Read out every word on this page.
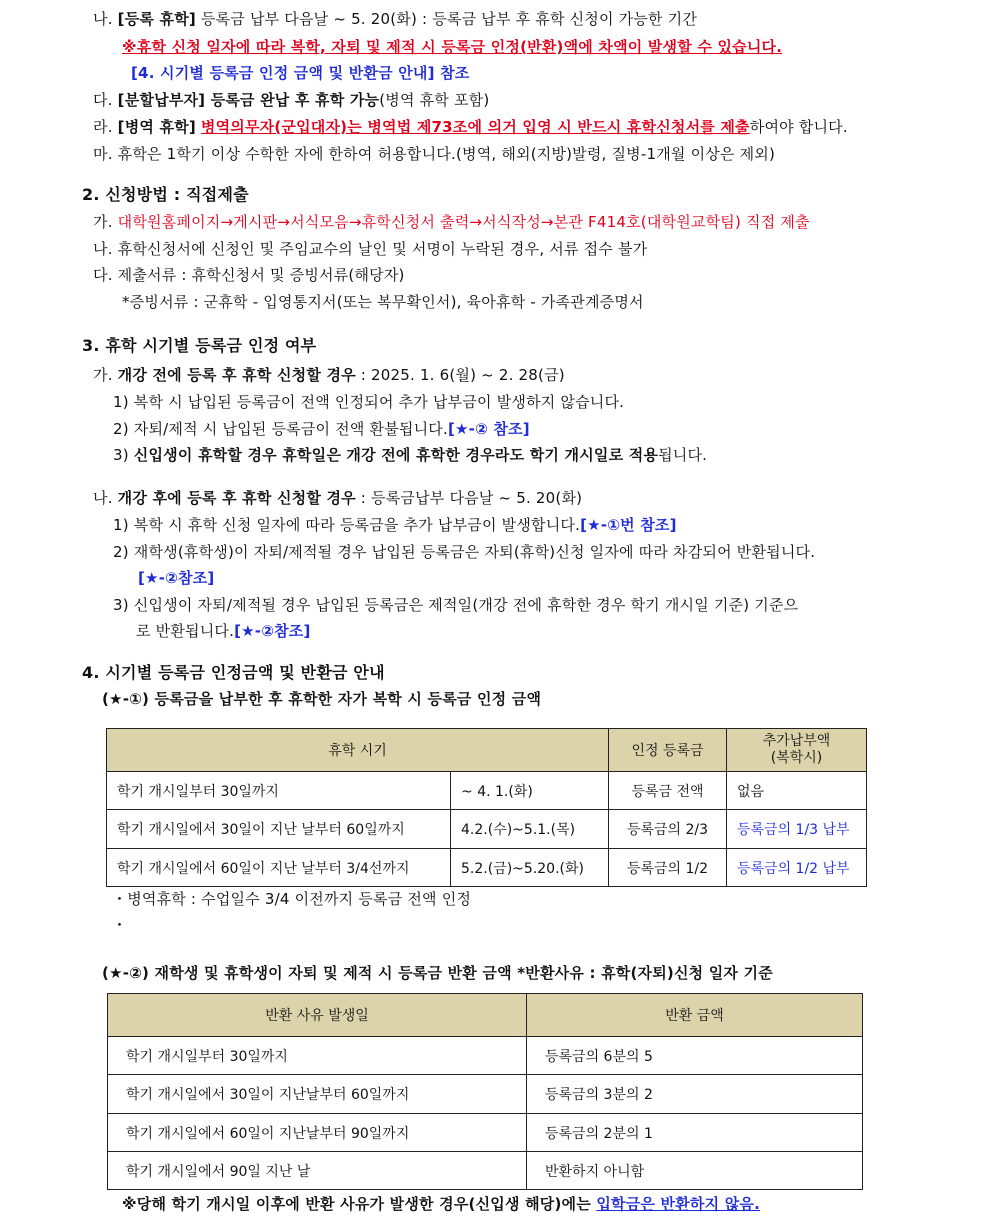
나. [등록 휴학] 등록금 납부 다음날 ~ 5. 20(화) : 등록금 납부 후 휴학 신청이 가능한 기간
※휴학 신청 일자에 따라 복학, 자퇴 및 제적 시 등록금 인정(반환)액에 차액이 발생할 수 있습니다.
[4. 시기별 등록금 인정 금액 및 반환금 안내] 참조
다. [분할납부자] 등록금 완납 후 휴학 가능(병역 휴학 포함)
라. [병역 휴학] 병역의무자(군입대자)는 병역법 제73조에 의거 입영 시 반드시 휴학신청서를 제출하여야 합니다.
마. 휴학은 1학기 이상 수학한 자에 한하여 허용합니다.(병역, 해외(지방)발령, 질병-1개월 이상은 제외)
2. 신청방법 : 직접제출
가. 대학원홈페이지→게시판→서식모음→휴학신청서 출력→서식작성→본관 F414호(대학원교학팀) 직접 제출
나. 휴학신청서에 신청인 및 주임교수의 날인 및 서명이 누락된 경우, 서류 접수 불가
다. 제출서류 : 휴학신청서 및 증빙서류(해당자)
*증빙서류 : 군휴학 - 입영통지서(또는 복무확인서), 육아휴학 - 가족관계증명서
3. 휴학 시기별 등록금 인정 여부
가. 개강 전에 등록 후 휴학 신청할 경우 : 2025. 1. 6(월) ~ 2. 28(금)
1) 복학 시 납입된 등록금이 전액 인정되어 추가 납부금이 발생하지 않습니다.
2) 자퇴/제적 시 납입된 등록금이 전액 환불됩니다.[★-② 참조]
3) 신입생이 휴학할 경우 휴학일은 개강 전에 휴학한 경우라도 학기 개시일로 적용됩니다.
나. 개강 후에 등록 후 휴학 신청할 경우 : 등록금납부 다음날 ~ 5. 20(화)
1) 복학 시 휴학 신청 일자에 따라 등록금을 추가 납부금이 발생합니다.[★-①번 참조]
2) 재학생(휴학생)이 자퇴/제적될 경우 납입된 등록금은 자퇴(휴학)신청 일자에 따라 차감되어 반환됩니다.
[★-②참조]
3) 신입생이 자퇴/제적될 경우 납입된 등록금은 제적일(개강 전에 휴학한 경우 학기 개시일 기준) 기준으
로 반환됩니다.[★-②참조]
4. 시기별 등록금 인정금액 및 반환금 안내
(★-①) 등록금을 납부한 후 휴학한 자가 복학 시 등록금 인정 금액
휴학 시기		인정 등록금	추가납부액
(복학시)
학기 개시일부터 30일까지	~ 4. 1.(화)	등록금 전액	없음
학기 개시일에서 30일이 지난 날부터 60일까지	4.2.(수)~5.1.(목)	등록금의 2/3	등록금의 1/3 납부
학기 개시일에서 60일이 지난 날부터 3/4선까지	5.2.(금)~5.20.(화)	등록금의 1/2	등록금의 1/2 납부
・병역휴학 : 수업일수 3/4 이전까지 등록금 전액 인정
・
(★-②) 재학생 및 휴학생이 자퇴 및 제적 시 등록금 반환 금액 *반환사유 : 휴학(자퇴)신청 일자 기준
반환 사유 발생일	반환 금액
학기 개시일부터 30일까지	등록금의 6분의 5
학기 개시일에서 30일이 지난날부터 60일까지	등록금의 3분의 2
학기 개시일에서 60일이 지난날부터 90일까지	등록금의 2분의 1
학기 개시일에서 90일 지난 날	반환하지 아니함
※당해 학기 개시일 이후에 반환 사유가 발생한 경우(신입생 해당)에는 입학금은 반환하지 않음.
